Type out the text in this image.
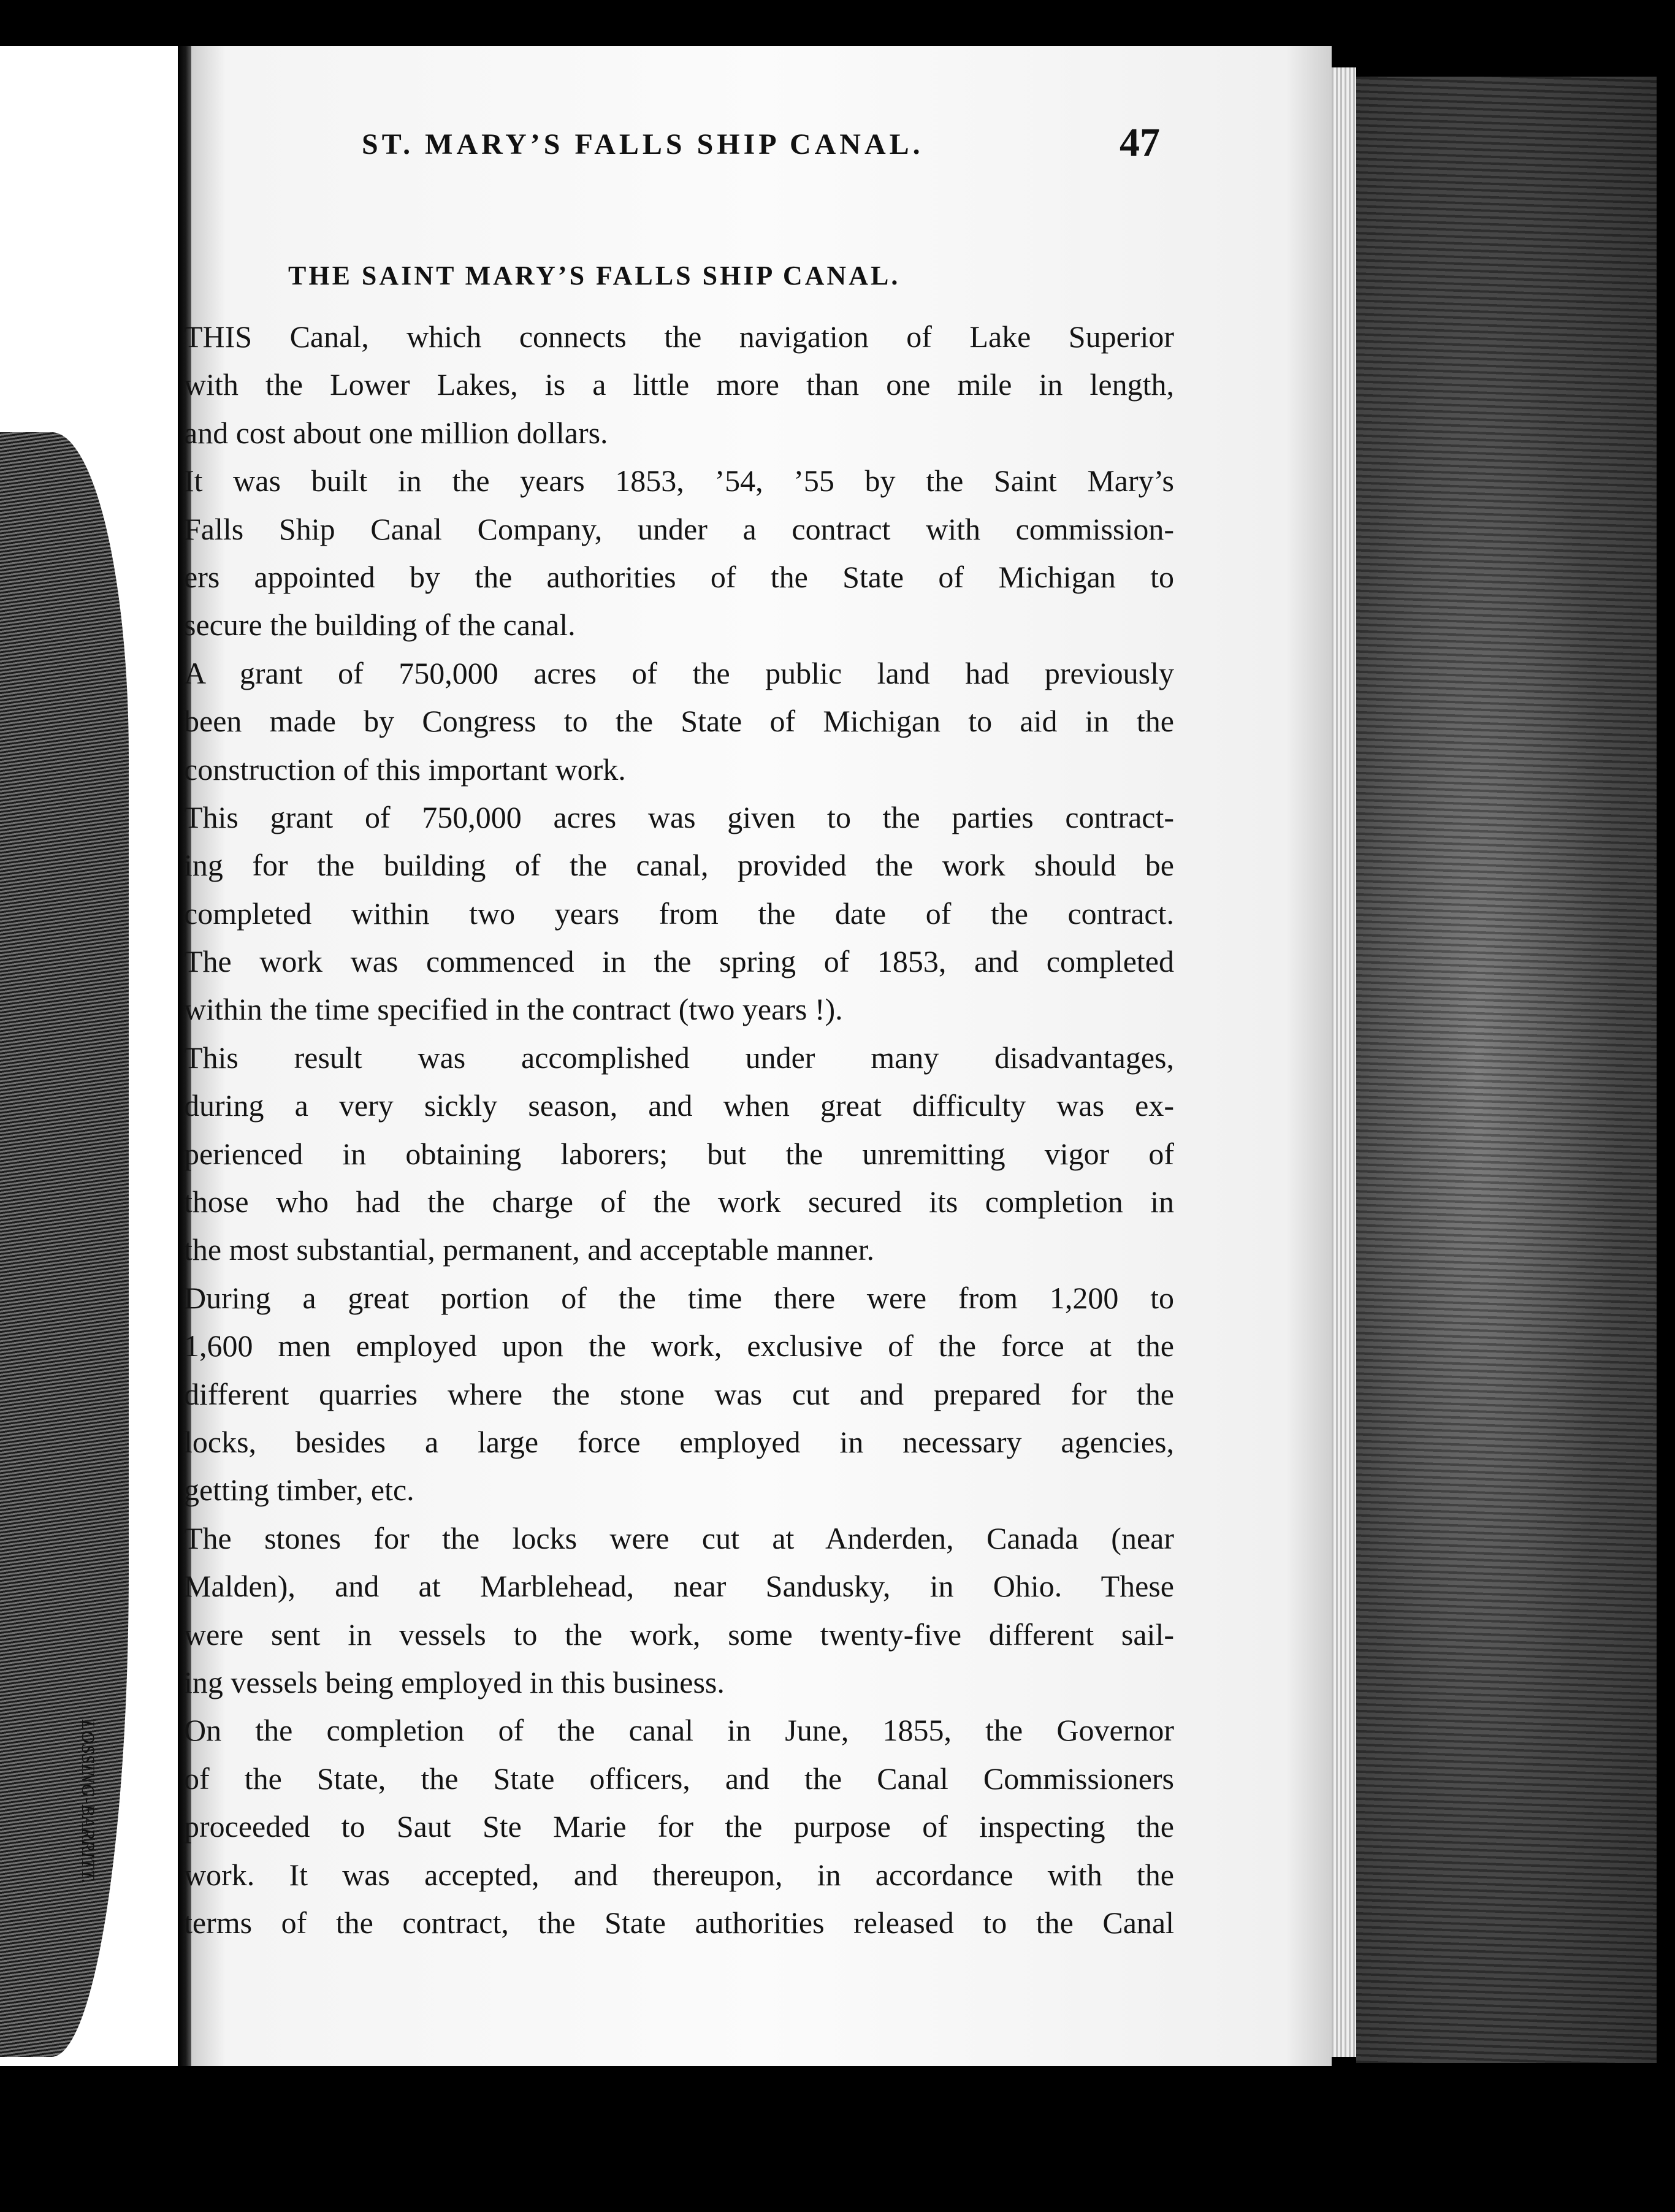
LOSSING-BARRITT.
ST. MARY’S FALLS SHIP CANAL.	47
THE SAINT MARY’S FALLS SHIP CANAL.
THIS Canal, which connects the navigation of Lake Superior
with the Lower Lakes, is a little more than one mile in length,
and cost about one million dollars.
It was built in the years 1853, ’54, ’55 by the Saint Mary’s
Falls Ship Canal Company, under a contract with commission-
ers appointed by the authorities of the State of Michigan to
secure the building of the canal.
A grant of 750,000 acres of the public land had previously
been made by Congress to the State of Michigan to aid in the
construction of this important work.
This grant of 750,000 acres was given to the parties contract-
ing for the building of the canal, provided the work should be
completed within two years from the date of the contract.
The work was commenced in the spring of 1853, and completed
within the time specified in the contract (two years !).
This result was accomplished under many disadvantages,
during a very sickly season, and when great difficulty was ex-
perienced in obtaining laborers; but the unremitting vigor of
those who had the charge of the work secured its completion in
the most substantial, permanent, and acceptable manner.
During a great portion of the time there were from 1,200 to
1,600 men employed upon the work, exclusive of the force at the
different quarries where the stone was cut and prepared for the
locks, besides a large force employed in necessary agencies,
getting timber, etc.
The stones for the locks were cut at Anderden, Canada (near
Malden), and at Marblehead, near Sandusky, in Ohio. These
were sent in vessels to the work, some twenty-five different sail-
ing vessels being employed in this business.
On the completion of the canal in June, 1855, the Governor
of the State, the State officers, and the Canal Commissioners
proceeded to Saut Ste Marie for the purpose of inspecting the
work. It was accepted, and thereupon, in accordance with the
terms of the contract, the State authorities released to the Canal
